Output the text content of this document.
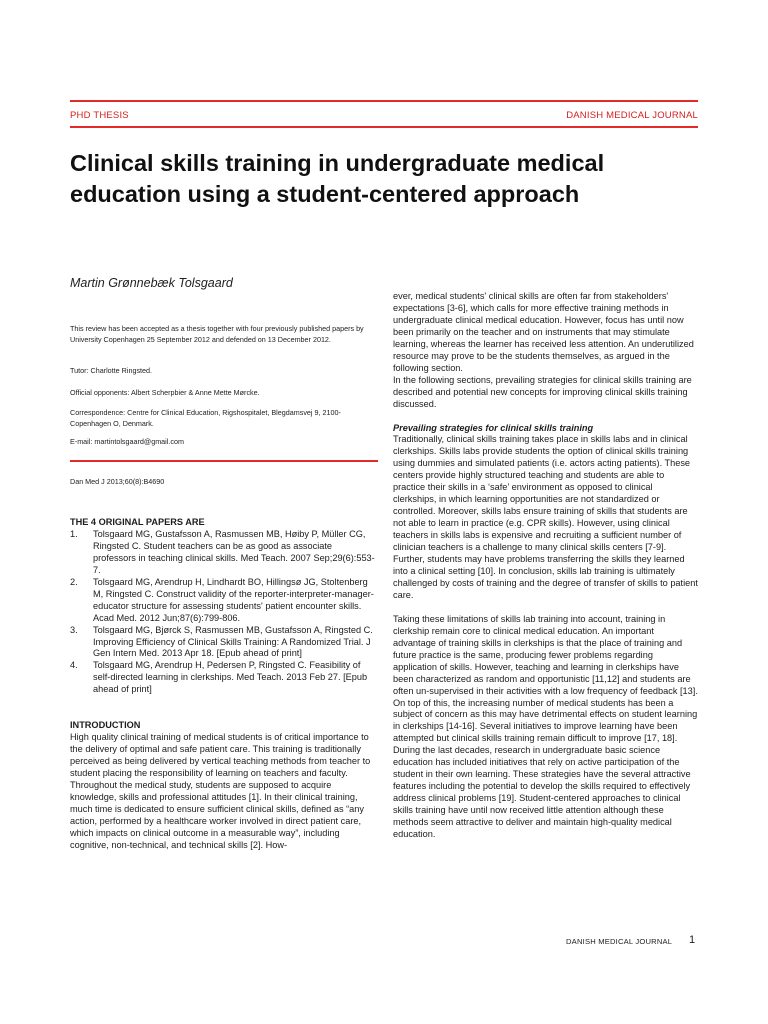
PHD THESIS	DANISH MEDICAL JOURNAL
Clinical skills training in undergraduate medical education using a student-centered approach
Martin Grønnebæk Tolsgaard
This review has been accepted as a thesis together with four previously published papers by University Copenhagen 25 September 2012 and defended on 13 December 2012.
Tutor: Charlotte Ringsted.
Official opponents: Albert Scherpbier & Anne Mette Mørcke.
Correspondence: Centre for Clinical Education, Rigshospitalet, Blegdamsvej 9, 2100-Copenhagen O, Denmark.
E-mail: martintolsgaard@gmail.com
Dan Med J 2013;60(8):B4690

THE 4 ORIGINAL PAPERS ARE

1. Tolsgaard MG, Gustafsson A, Rasmussen MB, Høiby P, Müller CG, Ringsted C. Student teachers can be as good as associate professors in teaching clinical skills. Med Teach. 2007 Sep;29(6):553-7.
2. Tolsgaard MG, Arendrup H, Lindhardt BO, Hillingsø JG, Stoltenberg M, Ringsted C. Construct validity of the reporter-interpreter-manager-educator structure for assessing students' patient encounter skills. Acad Med. 2012 Jun;87(6):799-806.
3. Tolsgaard MG, Bjørck S, Rasmussen MB, Gustafsson A, Ringsted C. Improving Efficiency of Clinical Skills Training: A Randomized Trial. J Gen Intern Med. 2013 Apr 18. [Epub ahead of print]
4. Tolsgaard MG, Arendrup H, Pedersen P, Ringsted C. Feasibility of self-directed learning in clerkships. Med Teach. 2013 Feb 27. [Epub ahead of print]

INTRODUCTION

High quality clinical training of medical students is of critical importance to the delivery of optimal and safe patient care. This training is traditionally perceived as being delivered by vertical teaching methods from teacher to student placing the responsibility of learning on teachers and faculty. Throughout the medical study, students are supposed to acquire knowledge, skills and professional attitudes [1]. In their clinical training, much time is dedicated to ensure sufficient clinical skills, defined as “any action, performed by a healthcare worker involved in direct patient care, which impacts on clinical outcome in a measurable way”, including cognitive, non-technical, and technical skills [2]. How-

ever, medical students' clinical skills are often far from stakeholders' expectations [3-6], which calls for more effective training methods in undergraduate clinical medical education. However, focus has until now been primarily on the teacher and on instruments that may stimulate learning, whereas the learner has received less attention. An underutilized resource may prove to be the students themselves, as argued in the following section.

In the following sections, prevailing strategies for clinical skills training are described and potential new concepts for improving clinical skills training discussed.

Prevailing strategies for clinical skills training

Traditionally, clinical skills training takes place in skills labs and in clinical clerkships. Skills labs provide students the option of clinical skills training using dummies and simulated patients (i.e. actors acting patients). These centers provide highly structured teaching and students are able to practice their skills in a ‘safe’ environment as opposed to clinical clerkships, in which learning opportunities are not standardized or controlled. Moreover, skills labs ensure training of skills that students are not able to learn in practice (e.g. CPR skills). However, using clinical teachers in skills labs is expensive and recruiting a sufficient number of clinician teachers is a challenge to many clinical skills centers [7-9]. Further, students may have problems transferring the skills they learned into a clinical setting [10]. In conclusion, skills lab training is ultimately challenged by costs of training and the degree of transfer of skills to patient care.

Taking these limitations of skills lab training into account, training in clerkship remain core to clinical medical education. An important advantage of training skills in clerkships is that the place of training and future practice is the same, producing fewer problems regarding application of skills. However, teaching and learning in clerkships have been characterized as random and opportunistic [11,12] and students are often un-supervised in their activities with a low frequency of feedback [13]. On top of this, the increasing number of medical students has been a subject of concern as this may have detrimental effects on student learning in clerkships [14-16]. Several initiatives to improve learning have been attempted but clinical skills training remain difficult to improve [17, 18].

During the last decades, research in undergraduate basic science education has included initiatives that rely on active participation of the student in their own learning. These strategies have the several attractive features including the potential to develop the skills required to effectively address clinical problems [19]. Student-centered approaches to clinical skills training have until now received little attention although these methods seem attractive to deliver and maintain high-quality medical education.

DANISH MEDICAL JOURNAL 1
